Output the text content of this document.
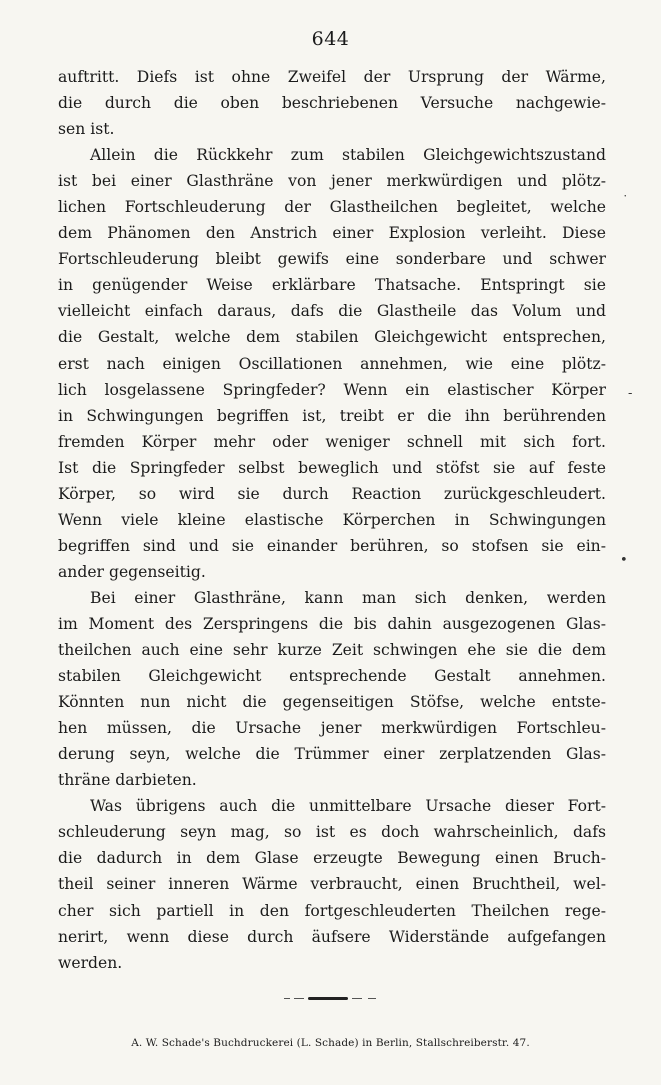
644
auftritt. Diefs ist ohne Zweifel der Ursprung der Wärme,
die durch die oben beschriebenen Versuche nachgewie-
sen ist.
Allein die Rückkehr zum stabilen Gleichgewichtszustand
ist bei einer Glasthräne von jener merkwürdigen und plötz-
lichen Fortschleuderung der Glastheilchen begleitet, welche
dem Phänomen den Anstrich einer Explosion verleiht. Diese
Fortschleuderung bleibt gewifs eine sonderbare und schwer
in genügender Weise erklärbare Thatsache. Entspringt sie
vielleicht einfach daraus, dafs die Glastheile das Volum und
die Gestalt, welche dem stabilen Gleichgewicht entsprechen,
erst nach einigen Oscillationen annehmen, wie eine plötz-
lich losgelassene Springfeder? Wenn ein elastischer Körper
in Schwingungen begriffen ist, treibt er die ihn berührenden
fremden Körper mehr oder weniger schnell mit sich fort.
Ist die Springfeder selbst beweglich und stöfst sie auf feste
Körper, so wird sie durch Reaction zurückgeschleudert.
Wenn viele kleine elastische Körperchen in Schwingungen
begriffen sind und sie einander berühren, so stofsen sie ein-
ander gegenseitig.
Bei einer Glasthräne, kann man sich denken, werden
im Moment des Zerspringens die bis dahin ausgezogenen Glas-
theilchen auch eine sehr kurze Zeit schwingen ehe sie die dem
stabilen Gleichgewicht entsprechende Gestalt annehmen.
Könnten nun nicht die gegenseitigen Stöfse, welche entste-
hen müssen, die Ursache jener merkwürdigen Fortschleu-
derung seyn, welche die Trümmer einer zerplatzenden Glas-
thräne darbieten.
Was übrigens auch die unmittelbare Ursache dieser Fort-
schleuderung seyn mag, so ist es doch wahrscheinlich, dafs
die dadurch in dem Glase erzeugte Bewegung einen Bruch-
theil seiner inneren Wärme verbraucht, einen Bruchtheil, wel-
cher sich partiell in den fortgeschleuderten Theilchen rege-
nerirt, wenn diese durch äufsere Widerstände aufgefangen
werden.
˙
-
•
A. W. Schade's Buchdruckerei (L. Schade) in Berlin, Stallschreiberstr. 47.
